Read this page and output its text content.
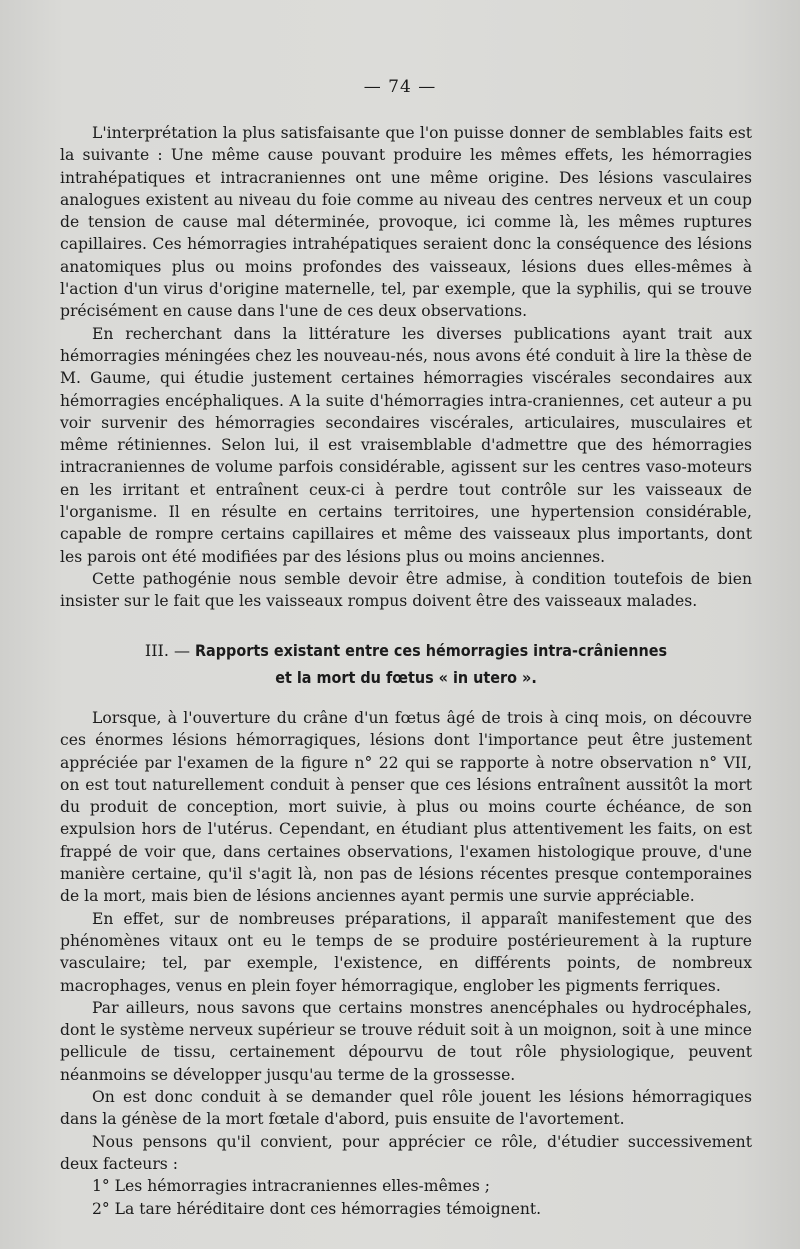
— 74 —

L'interprétation la plus satisfaisante que l'on puisse donner de semblables faits est la suivante : Une même cause pouvant produire les mêmes effets, les hémorragies intrahépatiques et intracraniennes ont une même origine. Des lésions vasculaires analogues existent au niveau du foie comme au niveau des centres nerveux et un coup de tension de cause mal déterminée, provoque, ici comme là, les mêmes ruptures capillaires. Ces hémorragies intrahépatiques seraient donc la conséquence des lésions anatomiques plus ou moins profondes des vaisseaux, lésions dues elles-mêmes à l'action d'un virus d'origine maternelle, tel, par exemple, que la syphilis, qui se trouve précisément en cause dans l'une de ces deux observations.

En recherchant dans la littérature les diverses publications ayant trait aux hémorragies méningées chez les nouveau-nés, nous avons été conduit à lire la thèse de M. Gaume, qui étudie justement certaines hémorragies viscérales secondaires aux hémorragies encéphaliques. A la suite d'hémorragies intra-craniennes, cet auteur a pu voir survenir des hémorragies secondaires viscérales, articulaires, musculaires et même rétiniennes. Selon lui, il est vraisemblable d'admettre que des hémorragies intracraniennes de volume parfois considérable, agissent sur les centres vaso-moteurs en les irritant et entraînent ceux-ci à perdre tout contrôle sur les vaisseaux de l'organisme. Il en résulte en certains territoires, une hypertension considérable, capable de rompre certains capillaires et même des vaisseaux plus importants, dont les parois ont été modifiées par des lésions plus ou moins anciennes.

Cette pathogénie nous semble devoir être admise, à condition toutefois de bien insister sur le fait que les vaisseaux rompus doivent être des vaisseaux malades.

III. — Rapports existant entre ces hémorragies intra-crâniennes
et la mort du fœtus « in utero ».

Lorsque, à l'ouverture du crâne d'un fœtus âgé de trois à cinq mois, on découvre ces énormes lésions hémorragiques, lésions dont l'importance peut être justement appréciée par l'examen de la figure n° 22 qui se rapporte à notre observation n° VII, on est tout naturellement conduit à penser que ces lésions entraînent aussitôt la mort du produit de conception, mort suivie, à plus ou moins courte échéance, de son expulsion hors de l'utérus. Cependant, en étudiant plus attentivement les faits, on est frappé de voir que, dans certaines observations, l'examen histologique prouve, d'une manière certaine, qu'il s'agit là, non pas de lésions récentes presque contemporaines de la mort, mais bien de lésions anciennes ayant permis une survie appréciable.

En effet, sur de nombreuses préparations, il apparaît manifestement que des phénomènes vitaux ont eu le temps de se produire postérieurement à la rupture vasculaire; tel, par exemple, l'existence, en différents points, de nombreux macrophages, venus en plein foyer hémorragique, englober les pigments ferriques.

Par ailleurs, nous savons que certains monstres anencéphales ou hydrocéphales, dont le système nerveux supérieur se trouve réduit soit à un moignon, soit à une mince pellicule de tissu, certainement dépourvu de tout rôle physiologique, peuvent néanmoins se développer jusqu'au terme de la grossesse.

On est donc conduit à se demander quel rôle jouent les lésions hémorragiques dans la génèse de la mort fœtale d'abord, puis ensuite de l'avortement.

Nous pensons qu'il convient, pour apprécier ce rôle, d'étudier successivement deux facteurs :

1° Les hémorragies intracraniennes elles-mêmes ;

2° La tare héréditaire dont ces hémorragies témoignent.
